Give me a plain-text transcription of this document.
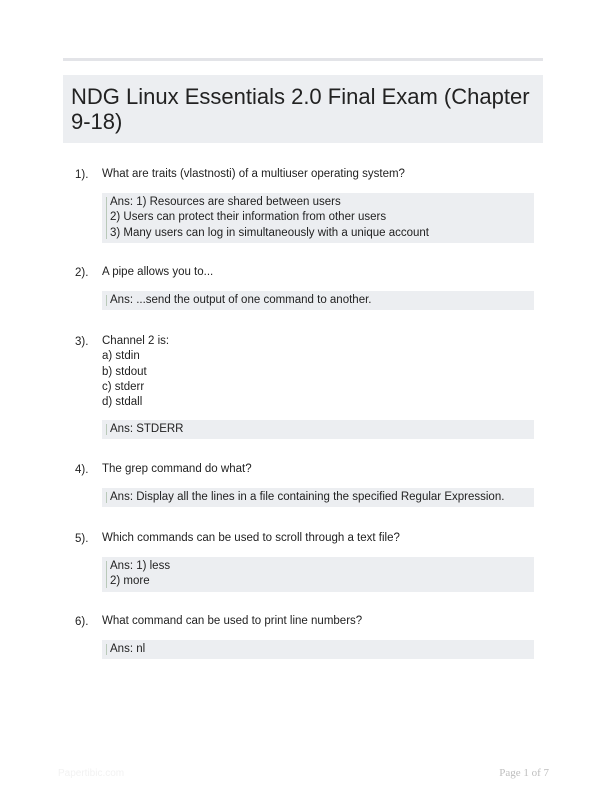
NDG Linux Essentials 2.0 Final Exam (Chapter 9-18)
1). What are traits (vlastnosti) of a multiuser operating system?
Ans: 1) Resources are shared between users
2) Users can protect their information from other users
3) Many users can log in simultaneously with a unique account
2). A pipe allows you to...
Ans: ...send the output of one command to another.
3). Channel 2 is:
a) stdin
b) stdout
c) stderr
d) stdall
Ans: STDERR
4). The grep command do what?
Ans: Display all the lines in a file containing the specified Regular Expression.
5). Which commands can be used to scroll through a text file?
Ans: 1) less
2) more
6). What command can be used to print line numbers?
Ans: nl
Papertibic.com	Page 1 of 7
